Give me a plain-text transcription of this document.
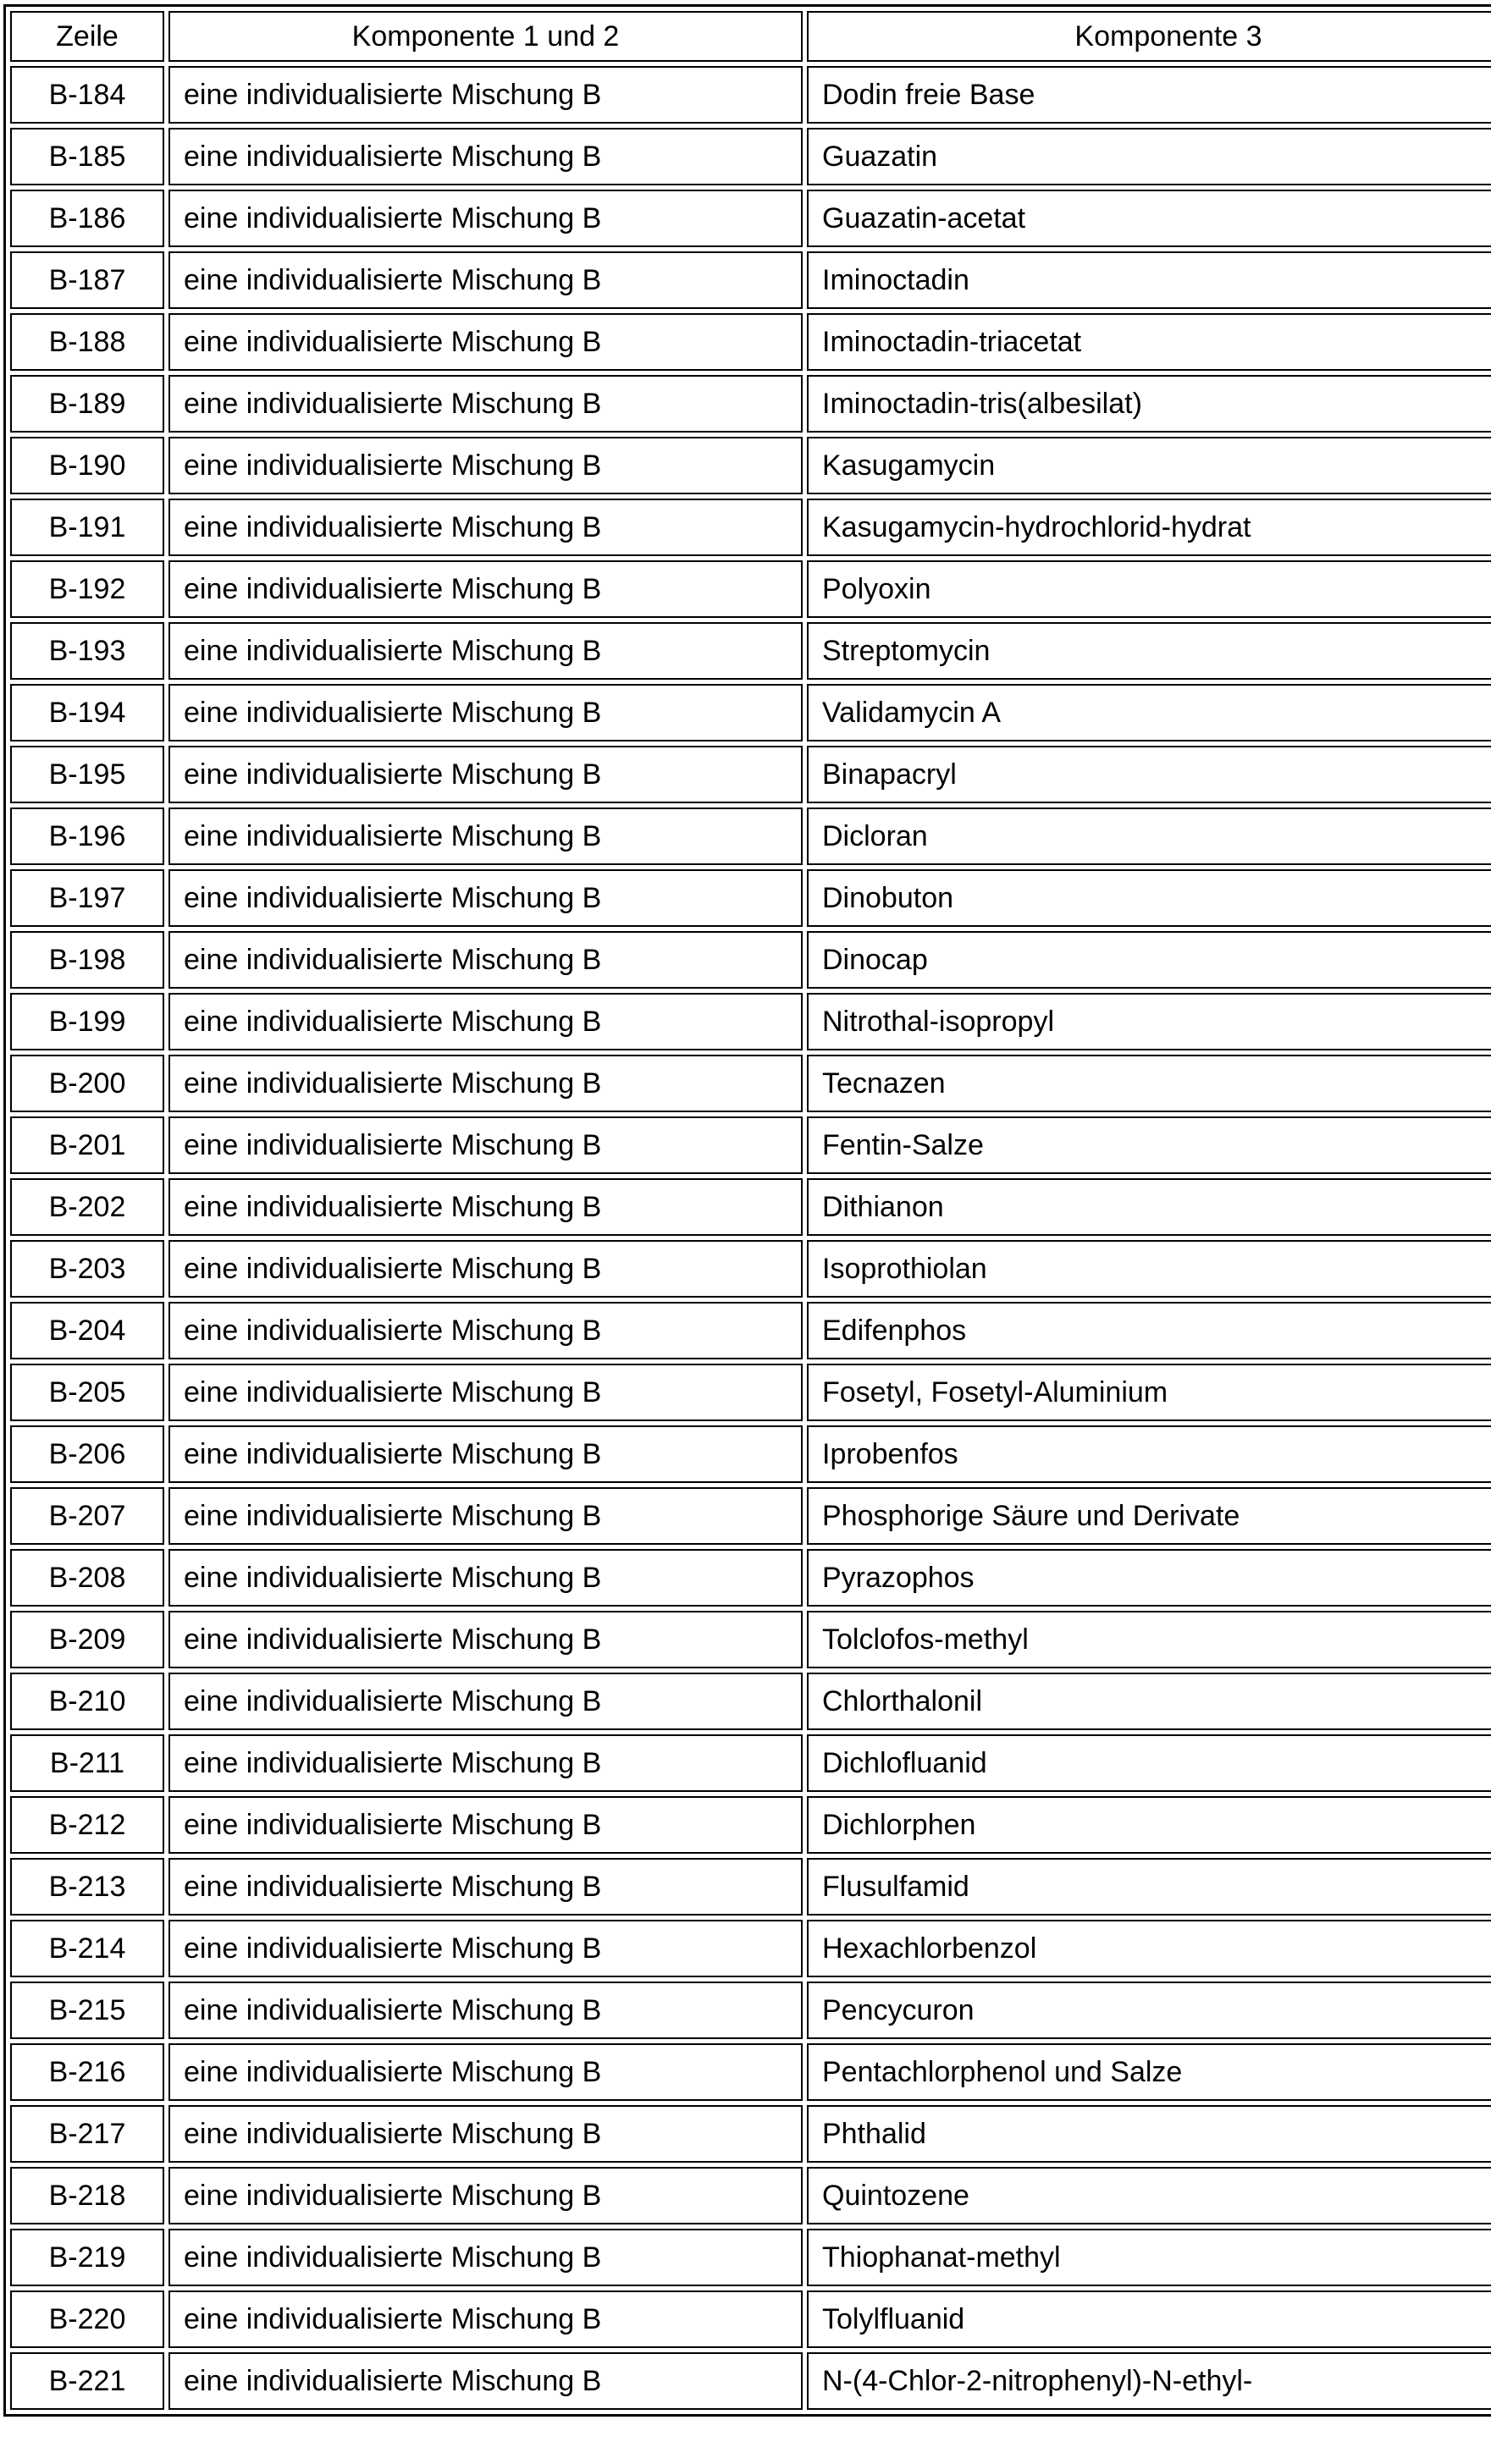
Zeile	Komponente 1 und 2	Komponente 3
B-184	eine individualisierte Mischung B	Dodin freie Base
B-185	eine individualisierte Mischung B	Guazatin
B-186	eine individualisierte Mischung B	Guazatin-acetat
B-187	eine individualisierte Mischung B	Iminoctadin
B-188	eine individualisierte Mischung B	Iminoctadin-triacetat
B-189	eine individualisierte Mischung B	Iminoctadin-tris(albesilat)
B-190	eine individualisierte Mischung B	Kasugamycin
B-191	eine individualisierte Mischung B	Kasugamycin-hydrochlorid-hydrat
B-192	eine individualisierte Mischung B	Polyoxin
B-193	eine individualisierte Mischung B	Streptomycin
B-194	eine individualisierte Mischung B	Validamycin A
B-195	eine individualisierte Mischung B	Binapacryl
B-196	eine individualisierte Mischung B	Dicloran
B-197	eine individualisierte Mischung B	Dinobuton
B-198	eine individualisierte Mischung B	Dinocap
B-199	eine individualisierte Mischung B	Nitrothal-isopropyl
B-200	eine individualisierte Mischung B	Tecnazen
B-201	eine individualisierte Mischung B	Fentin-Salze
B-202	eine individualisierte Mischung B	Dithianon
B-203	eine individualisierte Mischung B	Isoprothiolan
B-204	eine individualisierte Mischung B	Edifenphos
B-205	eine individualisierte Mischung B	Fosetyl, Fosetyl-Aluminium
B-206	eine individualisierte Mischung B	Iprobenfos
B-207	eine individualisierte Mischung B	Phosphorige Säure und Derivate
B-208	eine individualisierte Mischung B	Pyrazophos
B-209	eine individualisierte Mischung B	Tolclofos-methyl
B-210	eine individualisierte Mischung B	Chlorthalonil
B-211	eine individualisierte Mischung B	Dichlofluanid
B-212	eine individualisierte Mischung B	Dichlorphen
B-213	eine individualisierte Mischung B	Flusulfamid
B-214	eine individualisierte Mischung B	Hexachlorbenzol
B-215	eine individualisierte Mischung B	Pencycuron
B-216	eine individualisierte Mischung B	Pentachlorphenol und Salze
B-217	eine individualisierte Mischung B	Phthalid
B-218	eine individualisierte Mischung B	Quintozene
B-219	eine individualisierte Mischung B	Thiophanat-methyl
B-220	eine individualisierte Mischung B	Tolylfluanid
B-221	eine individualisierte Mischung B	N-(4-Chlor-2-nitrophenyl)-N-ethyl-
